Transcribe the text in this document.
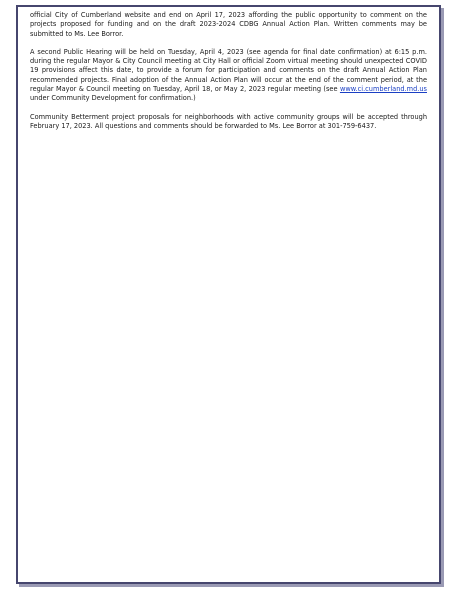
official City of Cumberland website and end on April 17, 2023 affording the public opportunity to comment on the projects proposed for funding and on the draft 2023-2024 CDBG Annual Action Plan. Written comments may be submitted to Ms. Lee Borror.

A second Public Hearing will be held on Tuesday, April 4, 2023 (see agenda for final date confirmation) at 6:15 p.m. during the regular Mayor & City Council meeting at City Hall or official Zoom virtual meeting should unexpected COVID 19 provisions affect this date, to provide a forum for participation and comments on the draft Annual Action Plan recommended projects. Final adoption of the Annual Action Plan will occur at the end of the comment period, at the regular Mayor & Council meeting on Tuesday, April 18, or May 2, 2023 regular meeting (see www.ci.cumberland.md.us under Community Development for confirmation.)

Community Betterment project proposals for neighborhoods with active community groups will be accepted through February 17, 2023. All questions and comments should be forwarded to Ms. Lee Borror at 301-759-6437.
